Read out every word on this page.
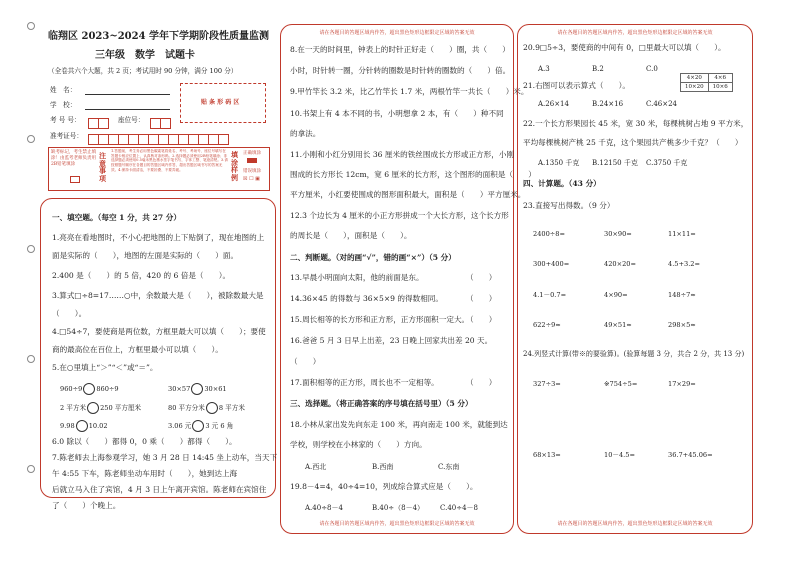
临翔区 2023~2024 学年下学期阶段性质量监测
三年级　数学　试题卡
（全卷共六个大题，共 2 页；考试用时 90 分钟，满分 100 分）
姓　名：
学　校：
考 号 号：	座位号：
准考证号：
贴 条 形 码 区
缺考标记，考生禁止填涂！由监考老师负责用2B铅笔填涂
注意事项
1.答题前，考生务必用黑色碳素笔将姓名、考号、考场号、座位号填写在答题卡相应位置上，认真核对条形码。2.选择题必须使用2B铅笔填涂；非选择题必须使用0.5毫米黑色墨水签字笔书写，字体工整、笔迹清楚。3.请按照题号顺序在各题目的答题区域内作答，超出答题区域书写的答案无效。4.保持卡面清洁，不要折叠、不要弄破。
填涂样例
正确填涂
错误填涂
☒ ☐ ▣
一、填空题。（每空 1 分，共 27 分）
1.亮亮在看地图时，不小心把地图的上下贴倒了，现在地图的上
面是实际的（　　），地图的左面是实际的（　　）面。
2.400 是（　　）的 5 倍，420 的 6 倍是（　　）。
3.算式□÷8=17……○中，余数最大是（　　），被除数最大是
（　　）。
4.□54÷7，要使商是两位数，方框里最大可以填（　　）；要使
商的最高位在百位上，方框里最小可以填（　　）。
5.在○里填上“＞”“＜”或“＝”。
960÷9 860÷9	30×57 30×61
2 平方米 250 平方厘米	80 平方分米 8 平方米
9.98 10.02	3.06 元 3 元 6 角
6.0 除以（　　）都得 0，0 乘（　　）都得（　　）。
7.陈老师去上海参观学习，她 3 月 28 日 14:45 坐上动车，当天下
午 4:55 下车，陈老师坐动车用时（　　），她到达上海
后就立马入住了宾馆，4 月 3 日上午离开宾馆。陈老师在宾馆住
了（　　）个晚上。
请在各题目的答题区域内作答，超出黑色矩形边框限定区域的答案无效
请在各题目的答题区域内作答，超出黑色矩形边框限定区域的答案无效
8.在一天的时间里，钟表上的时针正好走（　　）圈，共（　　）
小时，时针转一圈，分针转的圈数是时针转的圈数的（　　）倍。
9.甲竹竿长 3.2 米，比乙竹竿长 1.7 米，两根竹竿一共长（　　）米。
10.书架上有 4 本不同的书，小明想拿 2 本，有（　　）种不同
的拿法。
11.小刚和小红分别用长 36 厘米的铁丝围成长方形或正方形，小刚
围成的长方形长 12cm，宽 6 厘米的长方形，这个图形的面积是（　　）
平方厘米，小红要使围成的图形面积最大，面积是（　　）平方厘米。
12.3 个边长为 4 厘米的小正方形拼成一个大长方形，这个长方形
的周长是（　　），面积是（　　）。
二、判断题。（对的画“√”，错的画“×”）（5 分）
13.早晨小明面向太阳，他的前面是东。	（　　）
14.36×45 的得数与 36×5×9 的得数相同。	（　　）
15.周长相等的长方形和正方形，正方形面积一定大。
（　　）
16.爸爸 5 月 3 日早上出差，23 日晚上回家共出差 20 天。
（　　）
17.面积相等的正方形，周长也不一定相等。	（　　）
三、选择题。（将正确答案的序号填在括号里）（5 分）
18.小林从家出发先向东走 100 米，再向南走 100 米，就能到达
学校，则学校在小林家的（　　）方向。
A.西北	B.西南	C.东南
19.8－4=4，40÷4=10，列成综合算式应是（　　）。
A.40÷8－4	B.40÷（8－4） C.40÷4－8
请在各题目的答题区域内作答，超出黑色矩形边框限定区域的答案无效
请在各题目的答题区域内作答，超出黑色矩形边框限定区域的答案无效
20.9□5÷3，要使商的中间有 0，□里最大可以填（　　）。
A.3	B.2	C.0
21.右图可以表示算式（　　）。
4×20	4×6
10×20	10×6
A.26×14	B.24×16	C.46×24
22.一个长方形果园长 45 米，宽 30 米，每棵桃树占地 9 平方米，
平均每棵桃树产桃 25 千克，这个果园共产桃多少千克？（　　）
A.1350 千克 B.12150 千克 C.3750 千克
四、计算题。（43 分）
23.直接写出得数。（9 分）
2400÷8=	30×90=	11×11=
300+400=	420×20=	4.5+3.2=
4.1－0.7=	4×90=	148÷7≈
622÷9≈	49×51≈	298×5≈
24.列竖式计算(带※的要验算)。(验算每题 3 分，共合 2 分，共 13 分)
327÷3=	※754÷5=	17×29=
68×13=	10－4.5=	36.7+45.06=
